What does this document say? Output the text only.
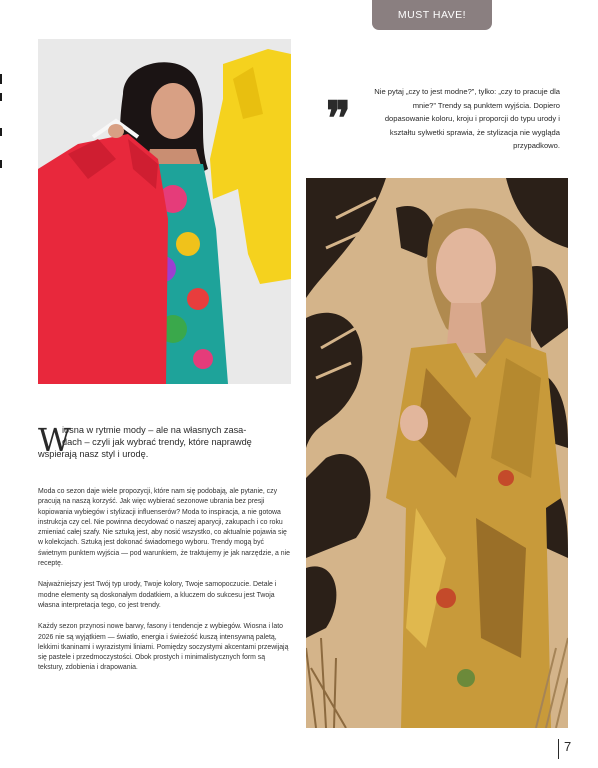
MUST HAVE!
❞	Nie pytaj „czy to jest modne?”, tylko: „czy to pracuje dla mnie?” Trendy są punktem wyjścia. Dopiero dopasowanie koloru, kroju i proporcji do typu urody i kształtu sylwetki sprawia, że stylizacja nie wygląda przypadkowo.
W
iosna w rytmie mody – ale na własnych zasa-
dach – czyli jak wybrać trendy, które naprawdę
wspierają nasz styl i urodę.

Moda co sezon daje wiele propozycji, które nam się podobają, ale pytanie, czy pracują na naszą korzyść. Jak więc wybierać sezonowe ubrania bez presji kopiowania wybiegów i stylizacji influenserów? Moda to inspiracja, a nie gotowa instrukcja czy cel. Nie powinna decydować o naszej aparycji, zakupach i co roku zmieniać całej szafy. Nie sztuką jest, aby nosić wszystko, co aktualnie pojawia się w kolekcjach. Sztuką jest dokonać świadomego wyboru. Trendy mogą być świetnym punktem wyjścia — pod warunkiem, że traktujemy je jak narzędzie, a nie receptę.

Najważniejszy jest Twój typ urody, Twoje kolory, Twoje samopoczucie. Detale i modne elementy są doskonałym dodatkiem, a kluczem do sukcesu jest Twoja własna interpretacja tego, co jest trendy.

Każdy sezon przynosi nowe barwy, fasony i tendencje z wybiegów. Wiosna i lato 2026 nie są wyjątkiem — światło, energia i świeżość kuszą intensywną paletą, lekkimi tkaninami i wyrazistymi liniami. Pomiędzy soczystymi akcentami przewijają się pastele i przedmoczystości. Obok prostych i minimalistycznych form są tekstury, zdobienia i drapowania.

7
